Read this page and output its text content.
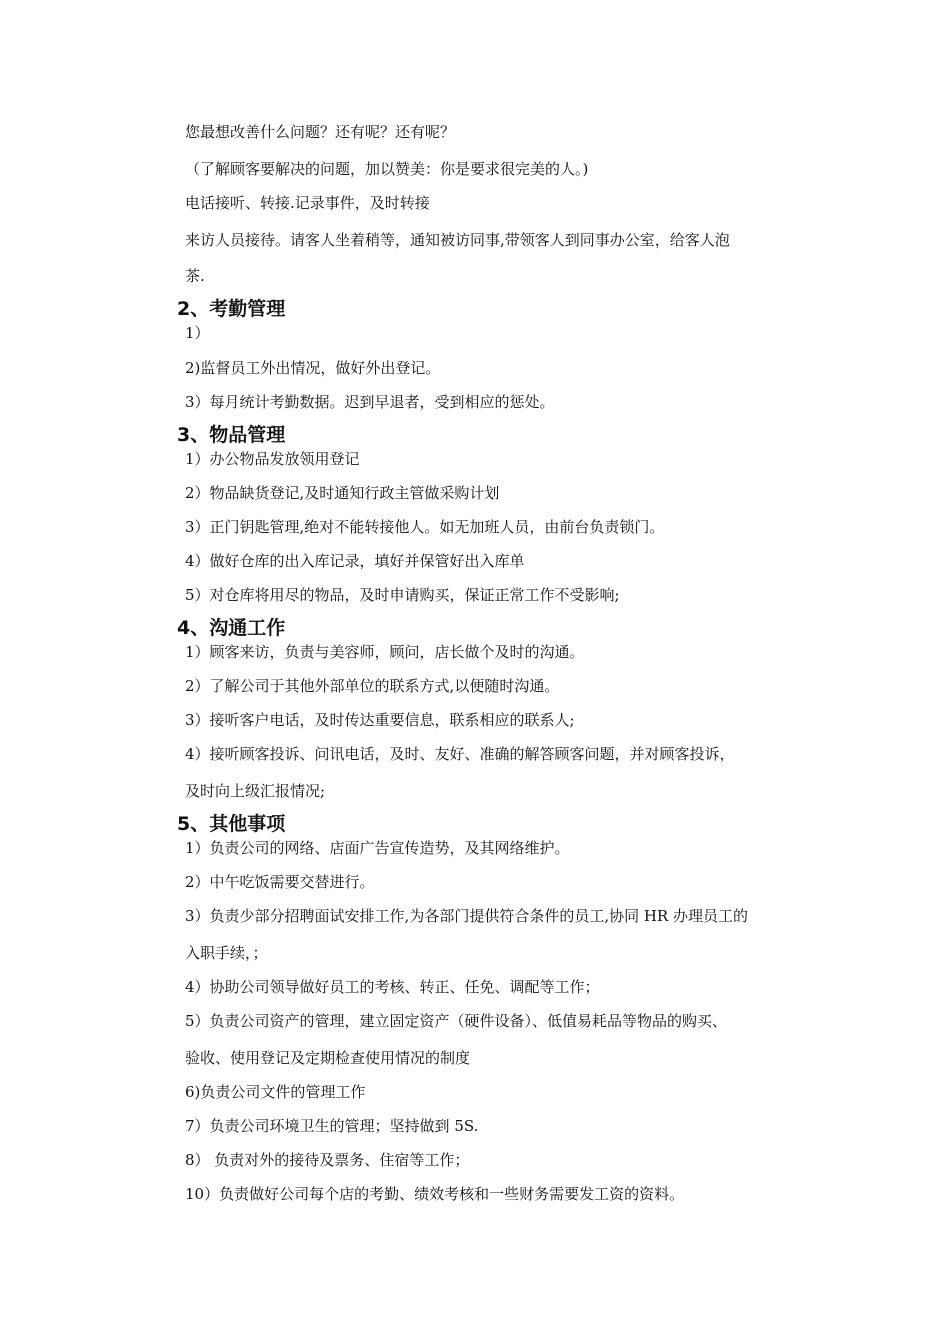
您最想改善什么问题？还有呢？还有呢？
（了解顾客要解决的问题，加以赞美：你是要求很完美的人。)
电话接听、转接.记录事件，及时转接
来访人员接待。请客人坐着稍等，通知被访同事,带领客人到同事办公室，给客人泡
茶.
2、考勤管理
1）
2)监督员工外出情况，做好外出登记。
3）每月统计考勤数据。迟到早退者，受到相应的惩处。
3、物品管理
1）办公物品发放领用登记
2）物品缺货登记,及时通知行政主管做采购计划
3）正门钥匙管理,绝对不能转接他人。如无加班人员，由前台负责锁门。
4）做好仓库的出入库记录，填好并保管好出入库单
5）对仓库将用尽的物品，及时申请购买，保证正常工作不受影响;
4、沟通工作
1）顾客来访，负责与美容师，顾问，店长做个及时的沟通。
2）了解公司于其他外部单位的联系方式,以便随时沟通。
3）接听客户电话，及时传达重要信息，联系相应的联系人;
4）接听顾客投诉、问讯电话，及时、友好、准确的解答顾客问题，并对顾客投诉，
及时向上级汇报情况;
5、其他事项
1）负责公司的网络、店面广告宣传造势，及其网络维护。
2）中午吃饭需要交替进行。
3）负责少部分招聘面试安排工作,为各部门提供符合条件的员工,协同 HR 办理员工的
入职手续，；
4）协助公司领导做好员工的考核、转正、任免、调配等工作；
5）负责公司资产的管理，建立固定资产（硬件设备）、低值易耗品等物品的购买、
验收、使用登记及定期检查使用情况的制度
6)负责公司文件的管理工作
7）负责公司环境卫生的管理；坚持做到 5S.
8） 负责对外的接待及票务、住宿等工作；
10）负责做好公司每个店的考勤、绩效考核和一些财务需要发工资的资料。
